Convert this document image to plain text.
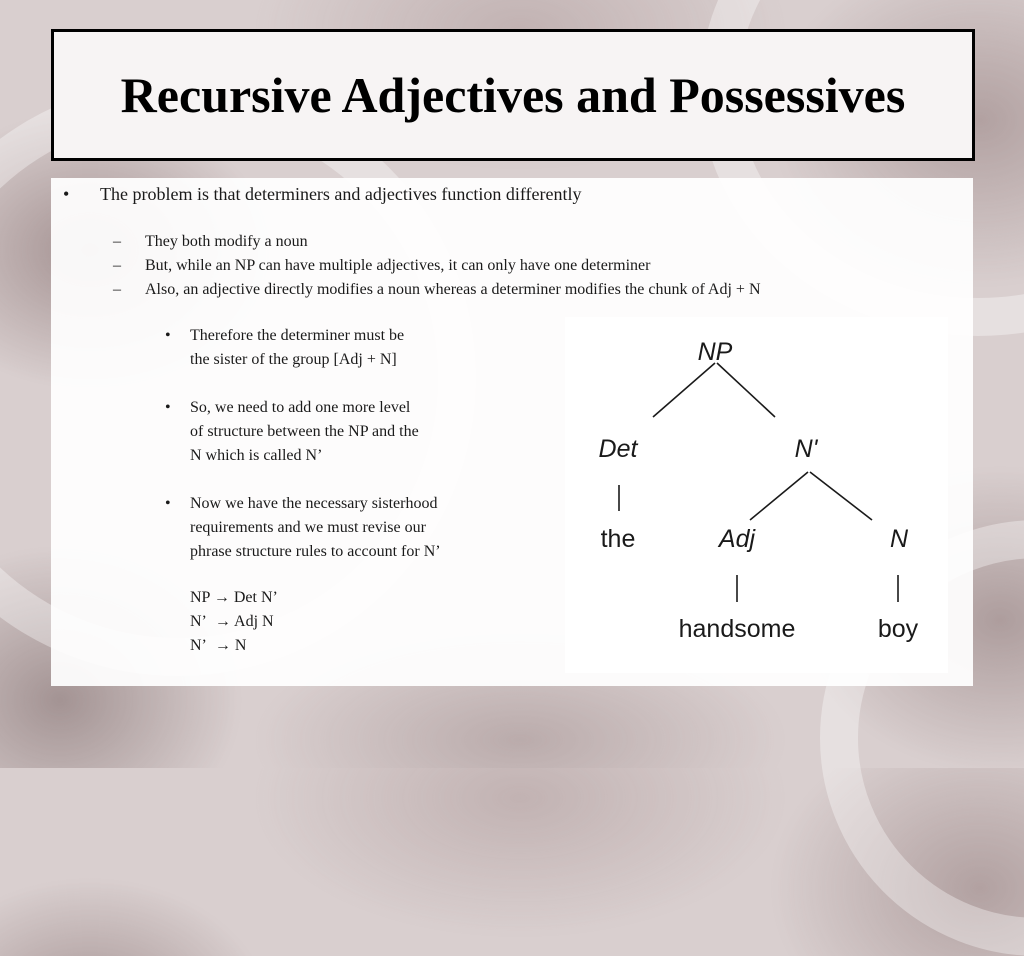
Recursive Adjectives and Possessives
• The problem is that determiners and adjectives function differently
– They both modify a noun
– But, while an NP can have multiple adjectives, it can only have one determiner
– Also, an adjective directly modifies a noun whereas a determiner modifies the chunk of Adj + N
• Therefore the determiner must be
the sister of the group [Adj + N]
• So, we need to add one more level
of structure between the NP and the
N which is called N’
• Now we have the necessary sisterhood
requirements and we must revise our
phrase structure rules to account for N’
NP → Det N’
N’ → Adj N
N’ → N
NP
Det	N'
the	Adj	N
handsome	boy
